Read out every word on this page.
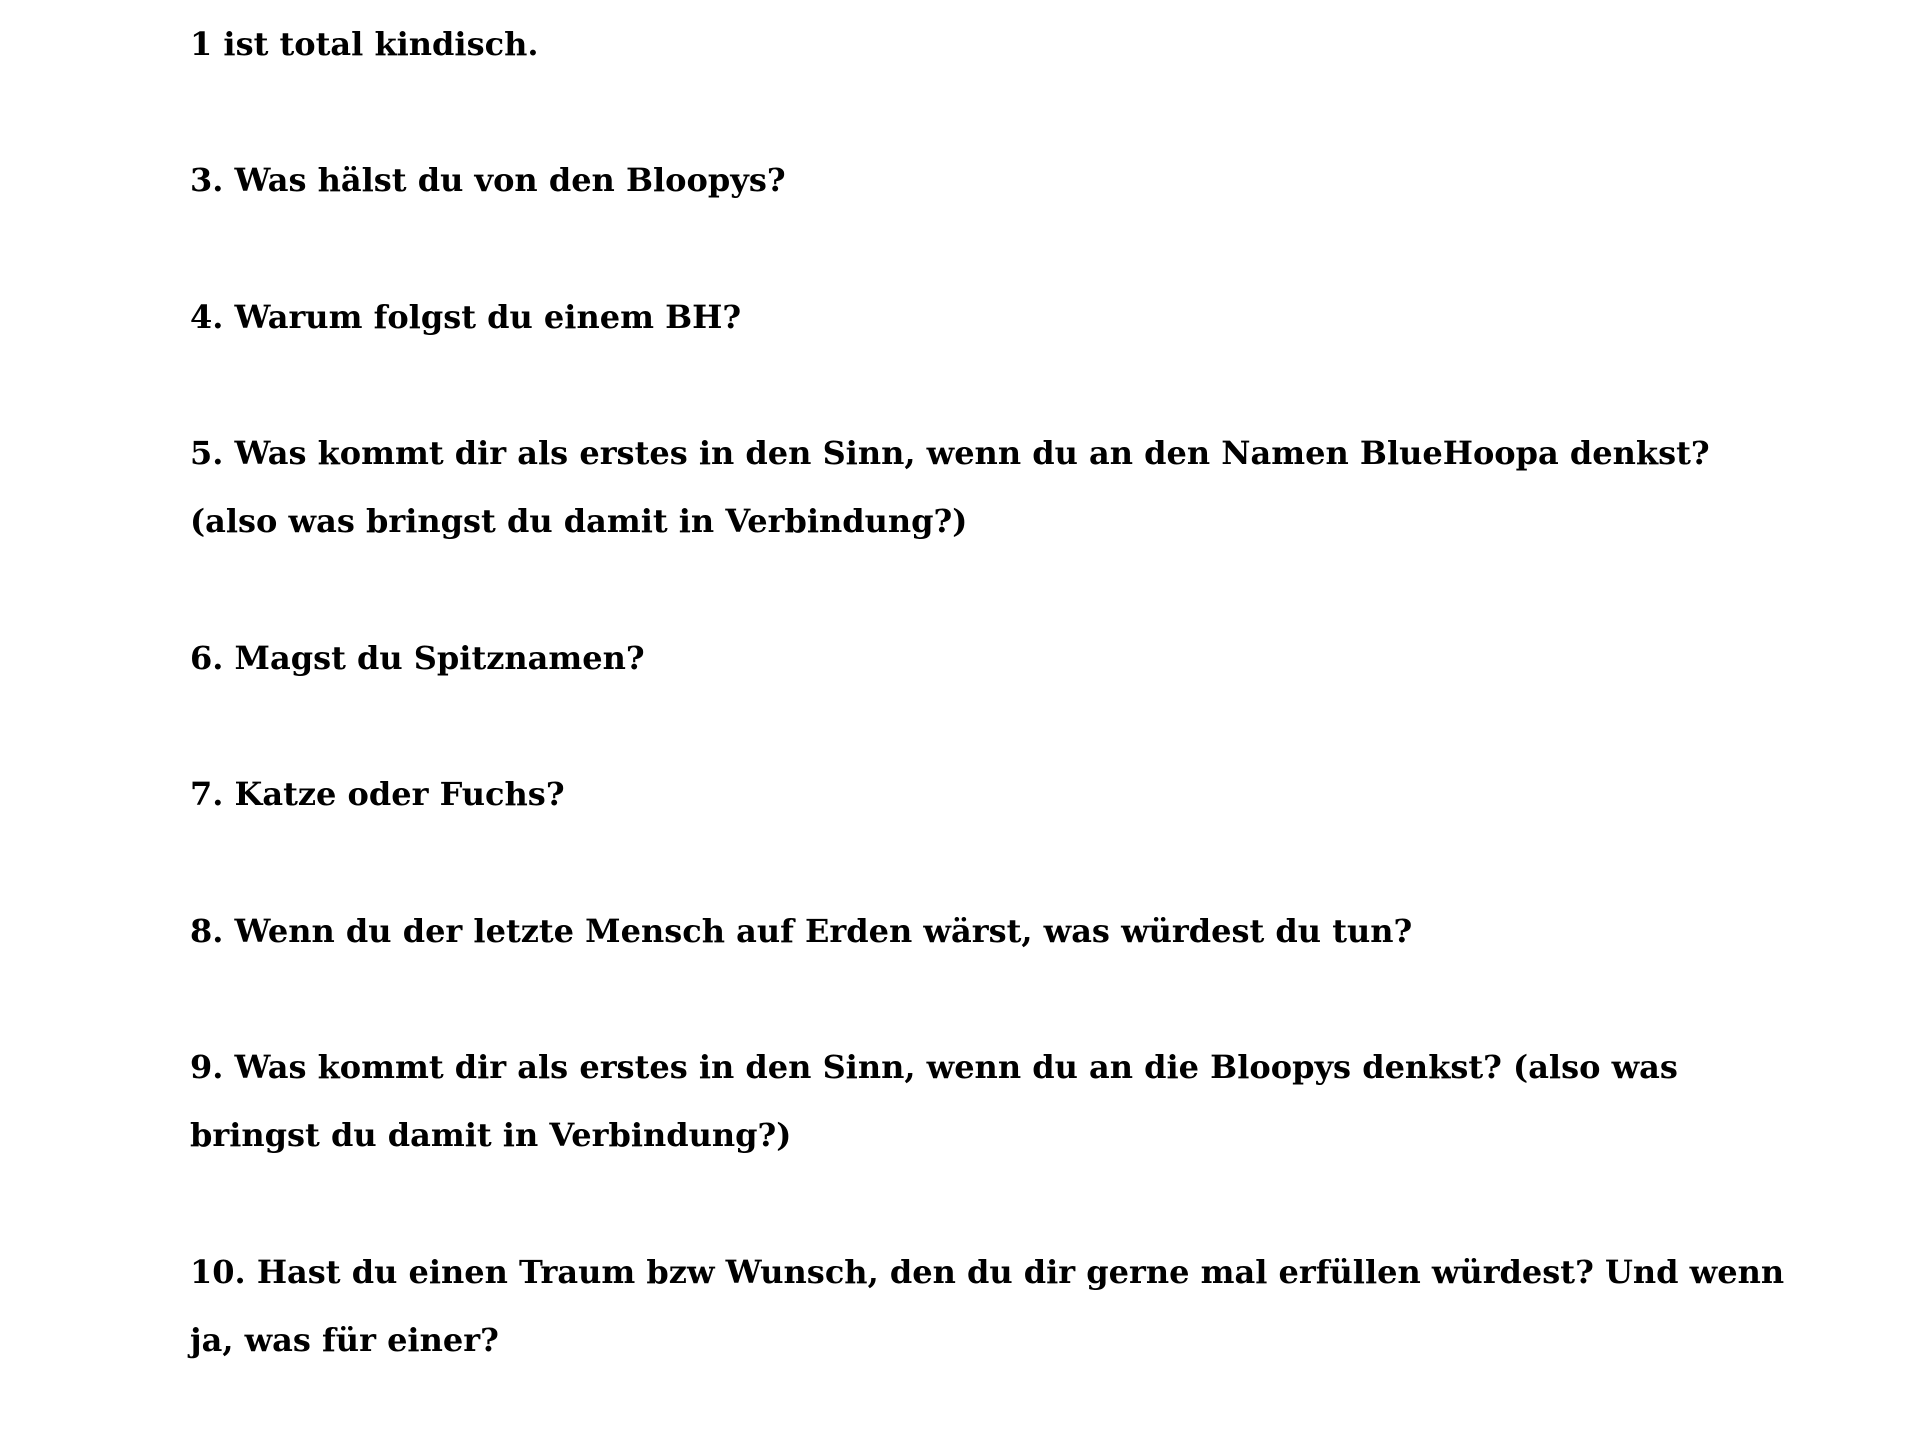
1 ist total kindisch.
3. Was hälst du von den Bloopys?
4. Warum folgst du einem BH?
5. Was kommt dir als erstes in den Sinn, wenn du an den Namen BlueHoopa denkst?
(also was bringst du damit in Verbindung?)
6. Magst du Spitznamen?
7. Katze oder Fuchs?
8. Wenn du der letzte Mensch auf Erden wärst, was würdest du tun?
9. Was kommt dir als erstes in den Sinn, wenn du an die Bloopys denkst? (also was
bringst du damit in Verbindung?)
10. Hast du einen Traum bzw Wunsch, den du dir gerne mal erfüllen würdest? Und wenn
ja, was für einer?
